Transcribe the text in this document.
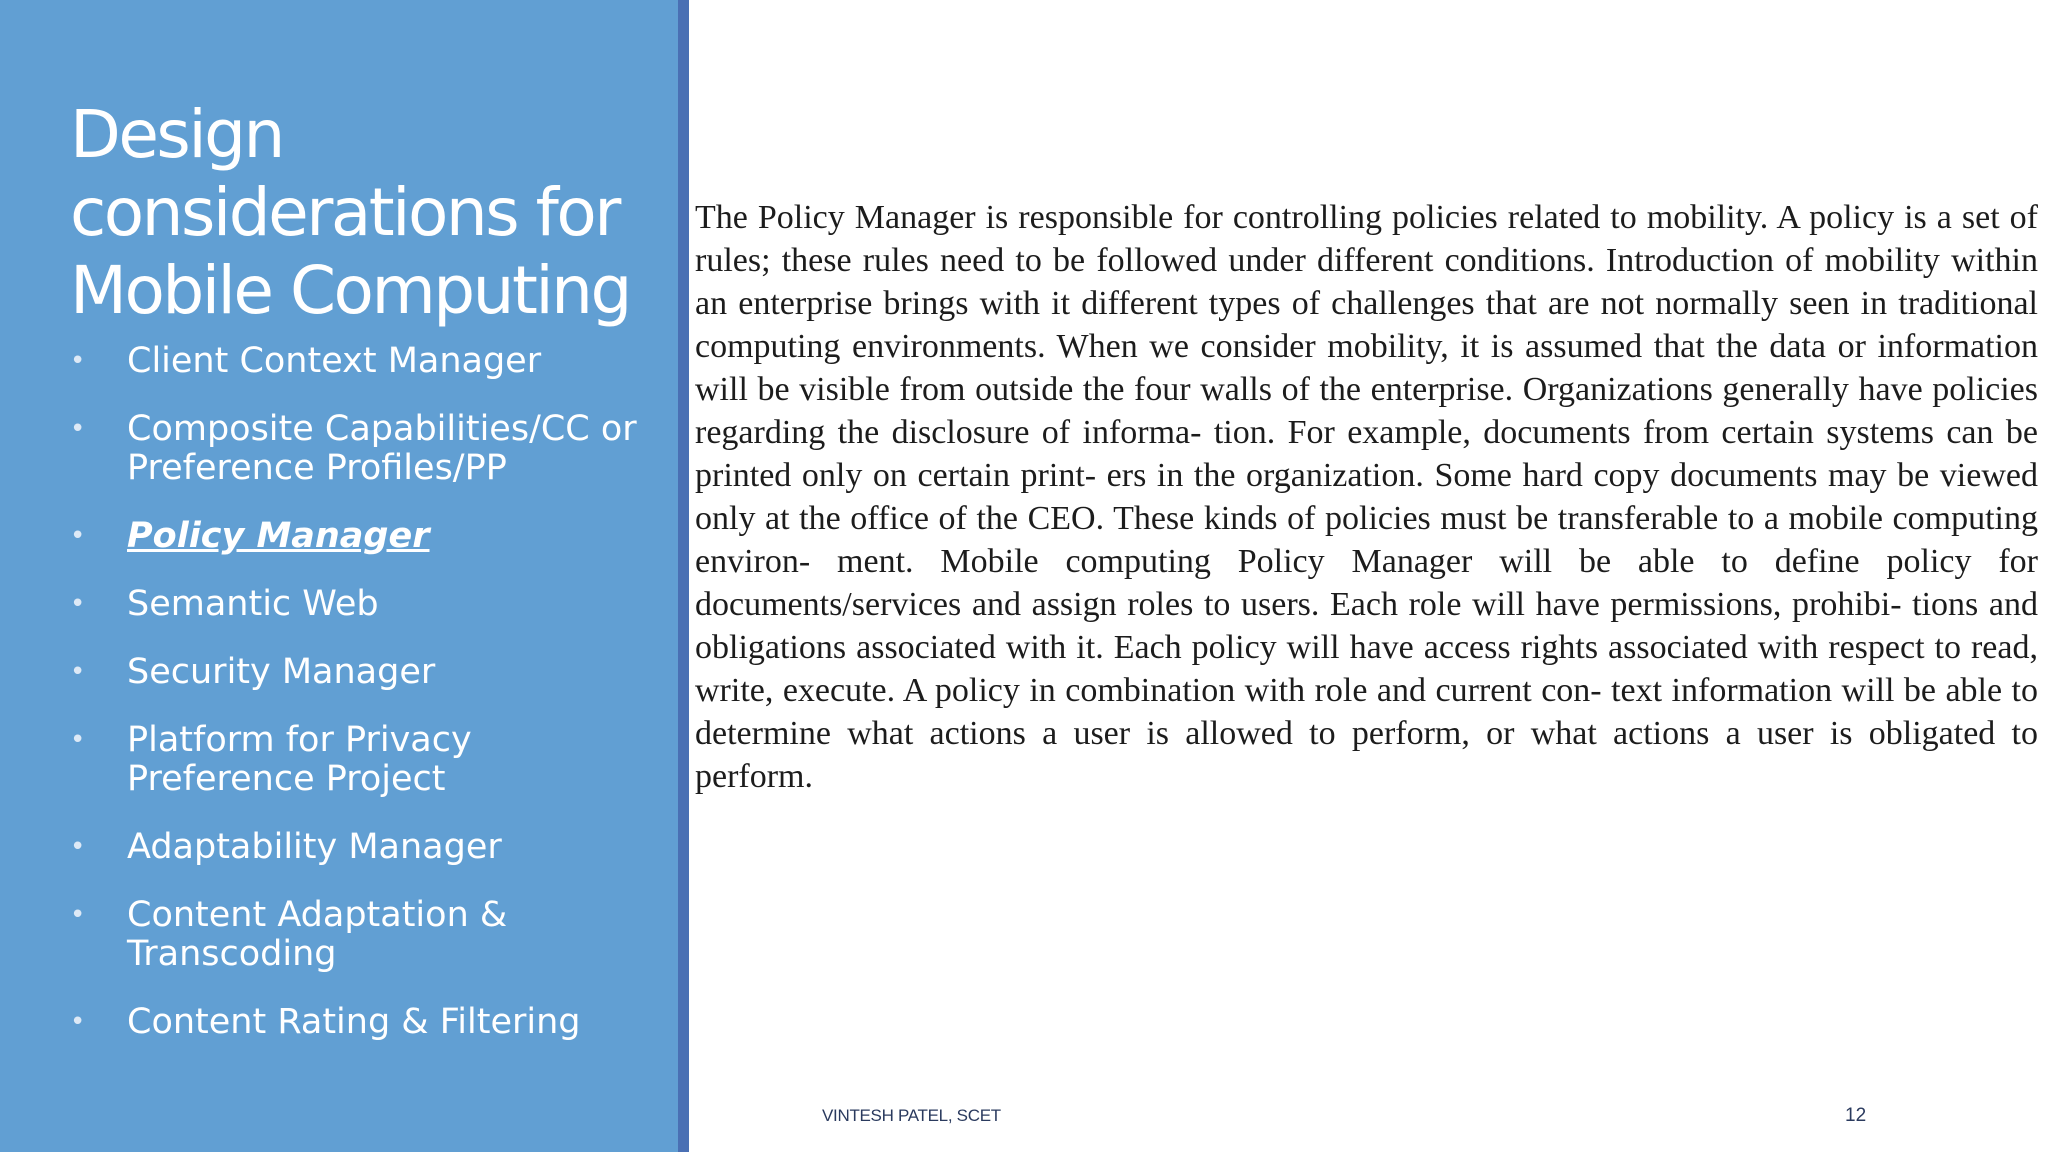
Design considerations for Mobile Computing
• Client Context Manager
• Composite Capabilities/CC or Preference Profiles/PP
• Policy Manager
• Semantic Web
• Security Manager
• Platform for Privacy Preference Project
• Adaptability Manager
• Content Adaptation & Transcoding
• Content Rating & Filtering

The Policy Manager is responsible for controlling policies related to mobility. A policy is a set of rules; these rules need to be followed under different conditions. Introduction of mobility within an enterprise brings with it different types of challenges that are not normally seen in traditional computing environments. When we consider mobility, it is assumed that the data or information will be visible from outside the four walls of the enterprise. Organizations generally have policies regarding the disclosure of informa- tion. For example, documents from certain systems can be printed only on certain print- ers in the organization. Some hard copy documents may be viewed only at the office of the CEO. These kinds of policies must be transferable to a mobile computing environ- ment. Mobile computing Policy Manager will be able to define policy for documents/services and assign roles to users. Each role will have permissions, prohibi- tions and obligations associated with it. Each policy will have access rights associated with respect to read, write, execute. A policy in combination with role and current con- text information will be able to determine what actions a user is allowed to perform, or what actions a user is obligated to perform.

VINTESH PATEL, SCET	12
